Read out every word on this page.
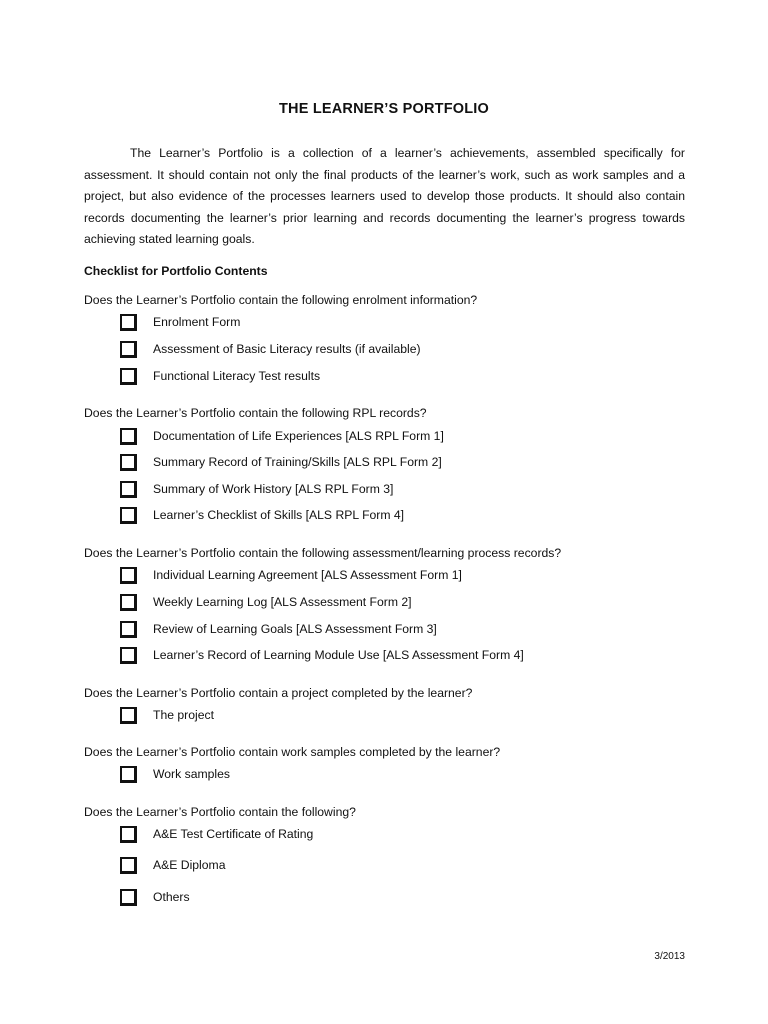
THE LEARNER’S PORTFOLIO

The Learner’s Portfolio is a collection of a learner’s achievements, assembled specifically for assessment. It should contain not only the final products of the learner’s work, such as work samples and a project, but also evidence of the processes learners used to develop those products. It should also contain records documenting the learner’s prior learning and records documenting the learner’s progress towards achieving stated learning goals.

Checklist for Portfolio Contents
Does the Learner’s Portfolio contain the following enrolment information?
Enrolment Form
Assessment of Basic Literacy results (if available)
Functional Literacy Test results
Does the Learner’s Portfolio contain the following RPL records?
Documentation of Life Experiences [ALS RPL Form 1]
Summary Record of Training/Skills [ALS RPL Form 2]
Summary of Work History [ALS RPL Form 3]
Learner’s Checklist of Skills [ALS RPL Form 4]
Does the Learner’s Portfolio contain the following assessment/learning process records?
Individual Learning Agreement [ALS Assessment Form 1]
Weekly Learning Log [ALS Assessment Form 2]
Review of Learning Goals [ALS Assessment Form 3]
Learner’s Record of Learning Module Use [ALS Assessment Form 4]
Does the Learner’s Portfolio contain a project completed by the learner?
The project
Does the Learner’s Portfolio contain work samples completed by the learner?
Work samples
Does the Learner’s Portfolio contain the following?
A&E Test Certificate of Rating
A&E Diploma
Others
3/2013
